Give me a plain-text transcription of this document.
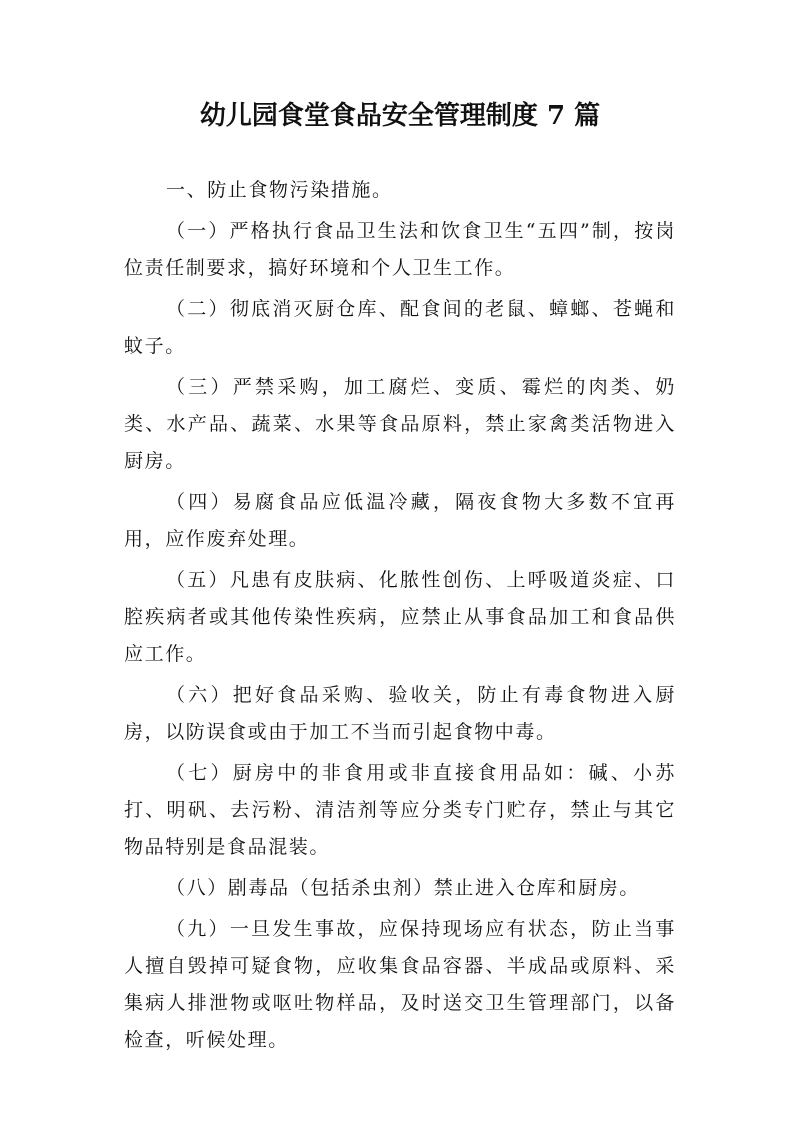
幼儿园食堂食品安全管理制度 7 篇

一、防止食物污染措施。

（一）严格执行食品卫生法和饮食卫生“五四”制，按岗位责任制要求，搞好环境和个人卫生工作。

（二）彻底消灭厨仓库、配食间的老鼠、蟑螂、苍蝇和蚊子。

（三）严禁采购，加工腐烂、变质、霉烂的肉类、奶类、水产品、蔬菜、水果等食品原料，禁止家禽类活物进入厨房。

（四）易腐食品应低温冷藏，隔夜食物大多数不宜再用，应作废弃处理。

（五）凡患有皮肤病、化脓性创伤、上呼吸道炎症、口腔疾病者或其他传染性疾病，应禁止从事食品加工和食品供应工作。

（六）把好食品采购、验收关，防止有毒食物进入厨房，以防误食或由于加工不当而引起食物中毒。

（七）厨房中的非食用或非直接食用品如：碱、小苏打、明矾、去污粉、清洁剂等应分类专门贮存，禁止与其它物品特别是食品混装。

（八）剧毒品（包括杀虫剂）禁止进入仓库和厨房。

（九）一旦发生事故，应保持现场应有状态，防止当事人擅自毁掉可疑食物，应收集食品容器、半成品或原料、采集病人排泄物或呕吐物样品，及时送交卫生管理部门，以备检查，听候处理。
